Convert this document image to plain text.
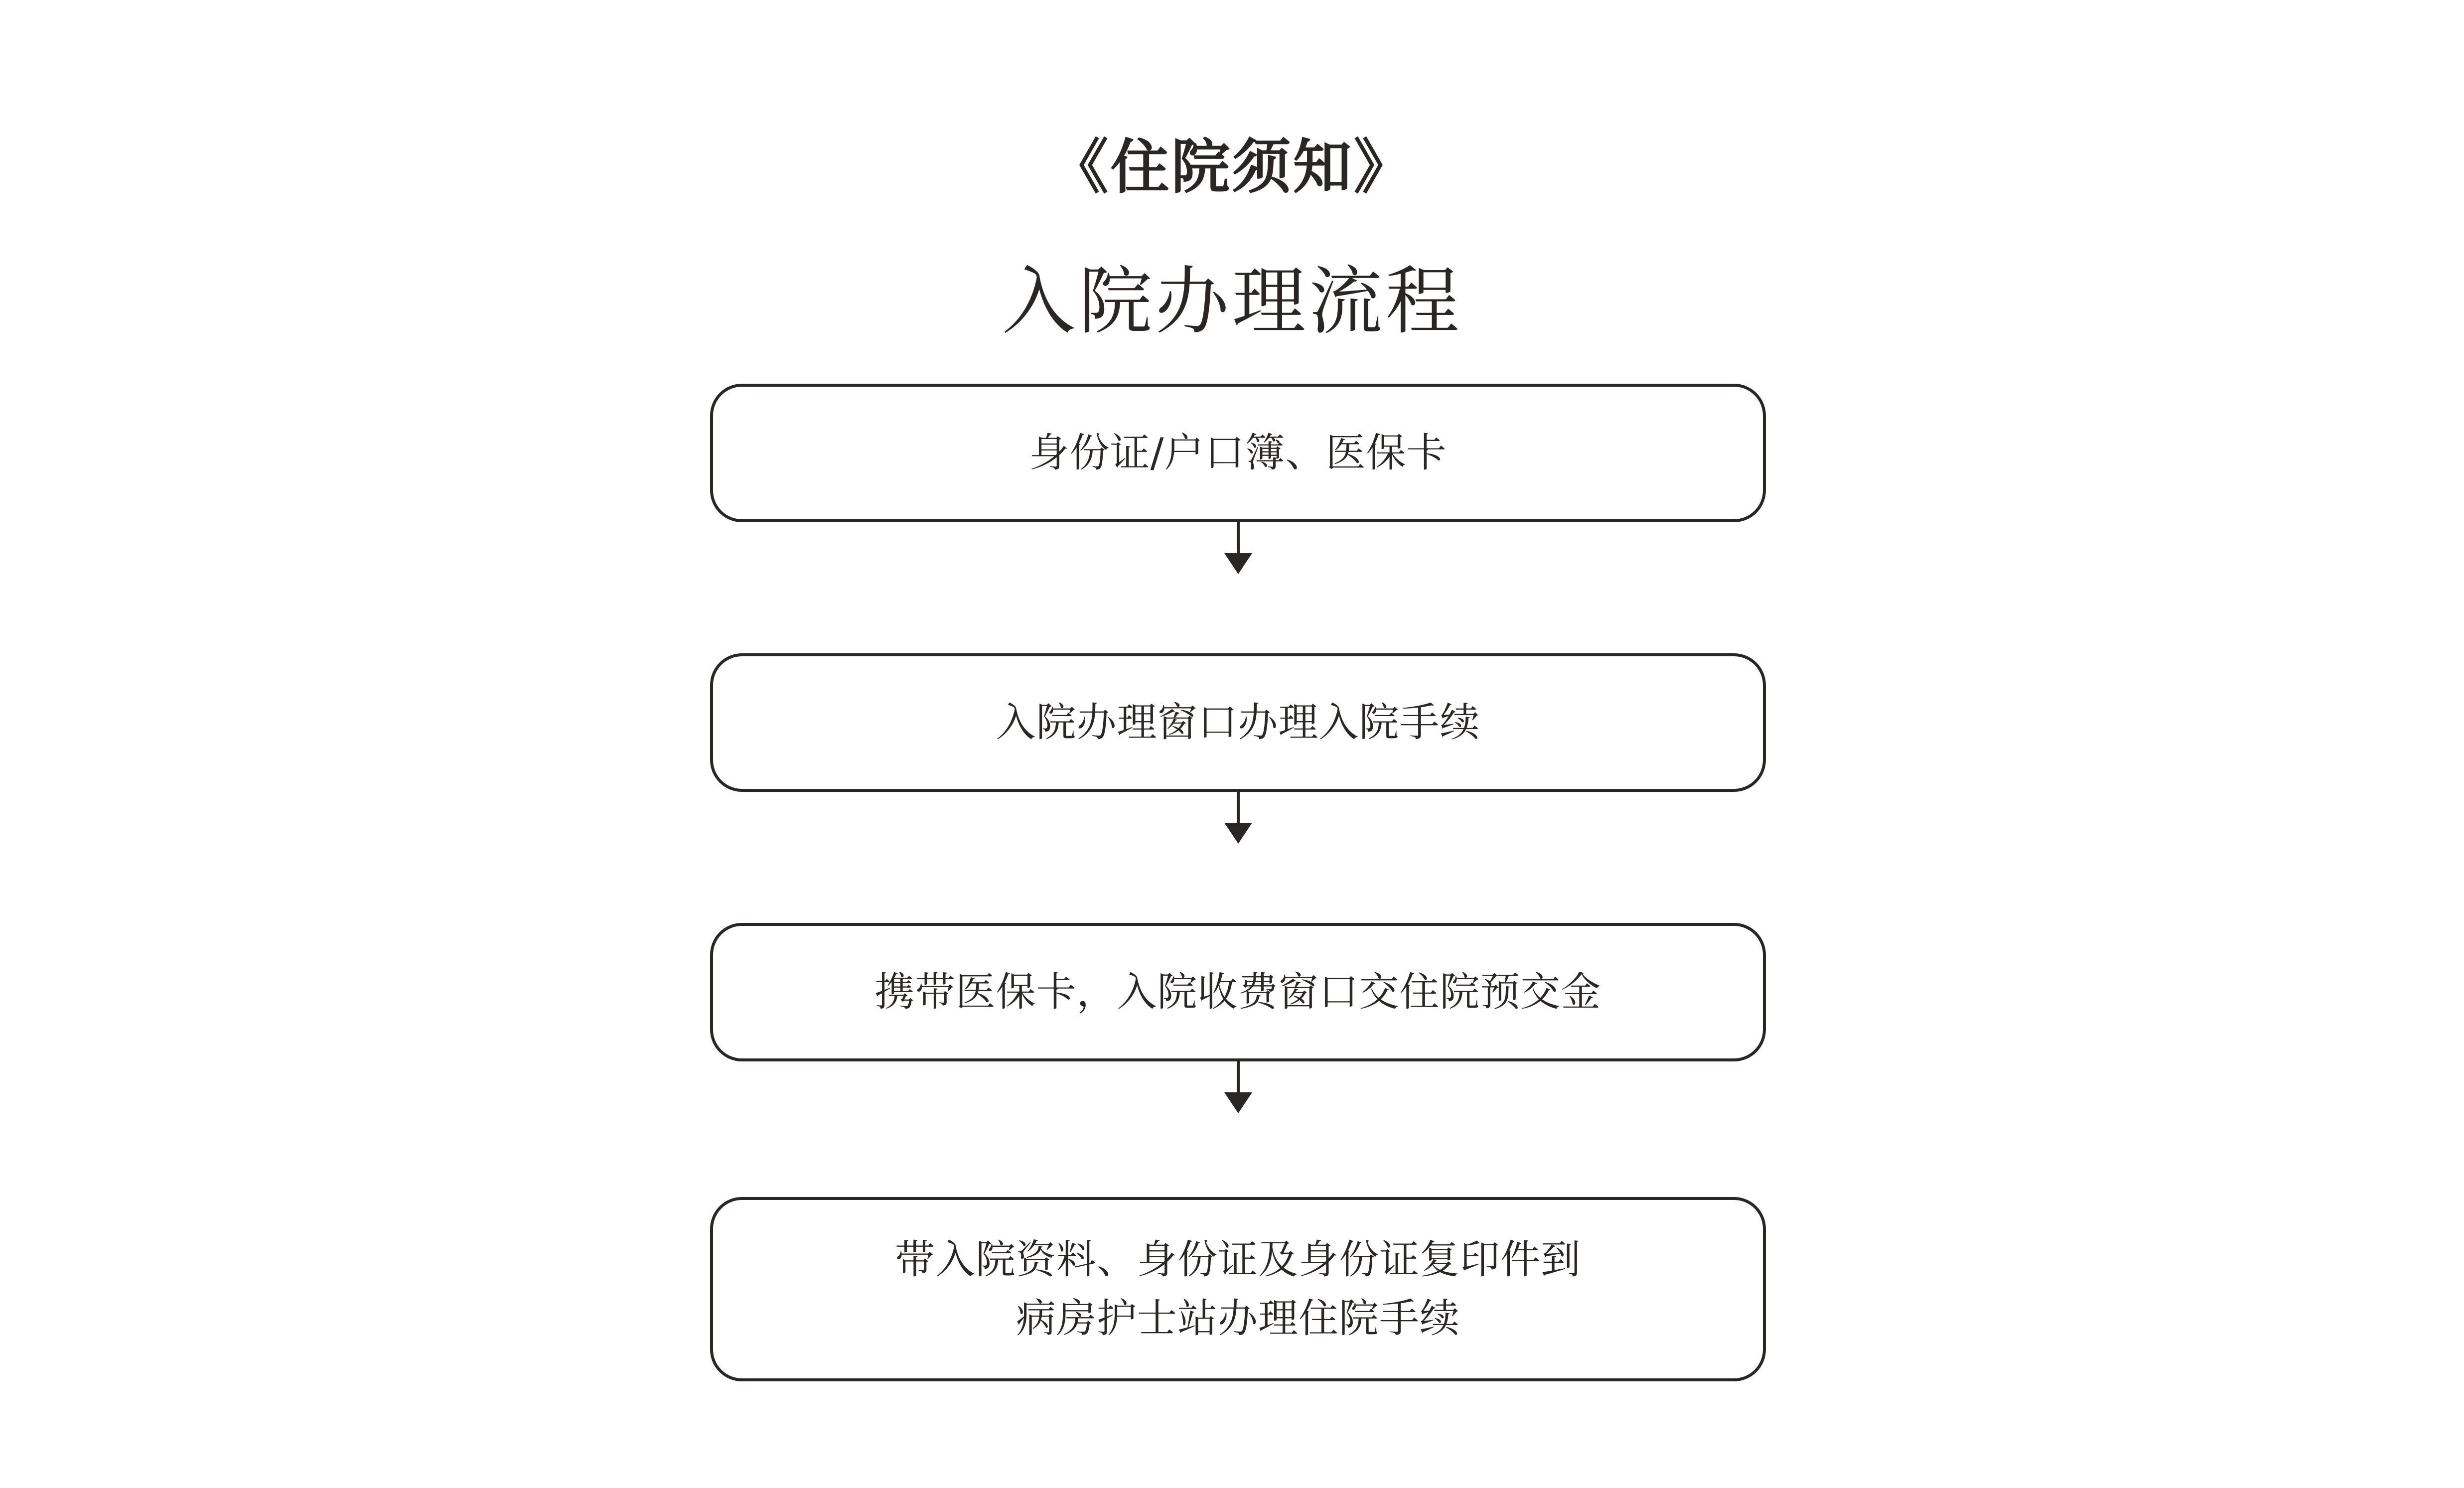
《住院须知》
入院办理流程
身份证/户口簿、医保卡
入院办理窗口办理入院手续
携带医保卡，入院收费窗口交住院预交金
带入院资料、身份证及身份证复印件到
病房护士站办理住院手续
